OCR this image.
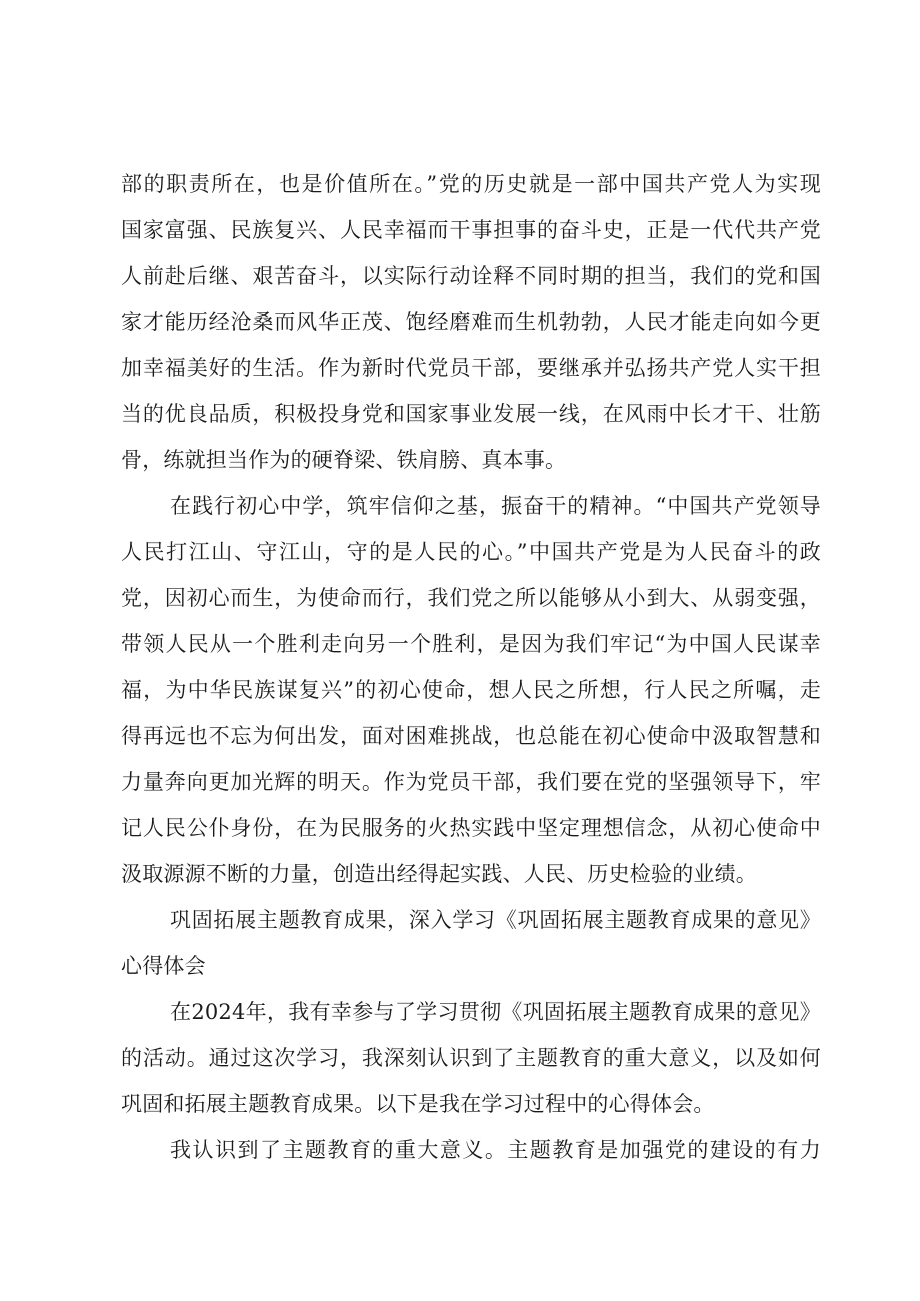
部的职责所在，也是价值所在。”党的历史就是一部中国共产党人为实现
国家富强、民族复兴、人民幸福而干事担事的奋斗史，正是一代代共产党
人前赴后继、艰苦奋斗，以实际行动诠释不同时期的担当，我们的党和国
家才能历经沧桑而风华正茂、饱经磨难而生机勃勃，人民才能走向如今更
加幸福美好的生活。作为新时代党员干部，要继承并弘扬共产党人实干担
当的优良品质，积极投身党和国家事业发展一线，在风雨中长才干、壮筋
骨，练就担当作为的硬脊梁、铁肩膀、真本事。
在践行初心中学，筑牢信仰之基，振奋干的精神。“中国共产党领导
人民打江山、守江山，守的是人民的心。”中国共产党是为人民奋斗的政
党，因初心而生，为使命而行，我们党之所以能够从小到大、从弱变强，
带领人民从一个胜利走向另一个胜利，是因为我们牢记“为中国人民谋幸
福，为中华民族谋复兴”的初心使命，想人民之所想，行人民之所嘱，走
得再远也不忘为何出发，面对困难挑战，也总能在初心使命中汲取智慧和
力量奔向更加光辉的明天。作为党员干部，我们要在党的坚强领导下，牢
记人民公仆身份，在为民服务的火热实践中坚定理想信念，从初心使命中
汲取源源不断的力量，创造出经得起实践、人民、历史检验的业绩。
巩固拓展主题教育成果，深入学习《巩固拓展主题教育成果的意见》
心得体会
在2024年，我有幸参与了学习贯彻《巩固拓展主题教育成果的意见》
的活动。通过这次学习，我深刻认识到了主题教育的重大意义，以及如何
巩固和拓展主题教育成果。以下是我在学习过程中的心得体会。
我认识到了主题教育的重大意义。主题教育是加强党的建设的有力
